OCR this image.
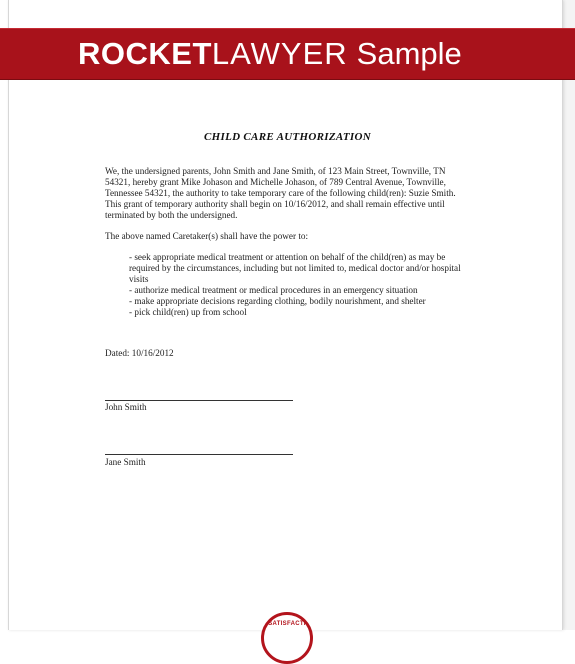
ROCKETLAWYER Sample
CHILD CARE AUTHORIZATION

We, the undersigned parents, John Smith and Jane Smith, of 123 Main Street, Townville, TN 54321, hereby grant Mike Johason and Michelle Johason, of 789 Central Avenue, Townville, Tennessee 54321, the authority to take temporary care of the following child(ren): Suzie Smith. This grant of temporary authority shall begin on 10/16/2012, and shall remain effective until terminated by both the undersigned.

The above named Caretaker(s) shall have the power to:

- seek appropriate medical treatment or attention on behalf of the child(ren) as may be required by the circumstances, including but not limited to, medical doctor and/or hospital visits
- authorize medical treatment or medical procedures in an emergency situation
- make appropriate decisions regarding clothing, bodily nourishment, and shelter
- pick child(ren) up from school

Dated: 10/16/2012

John Smith

Jane Smith

SATISFACTI
